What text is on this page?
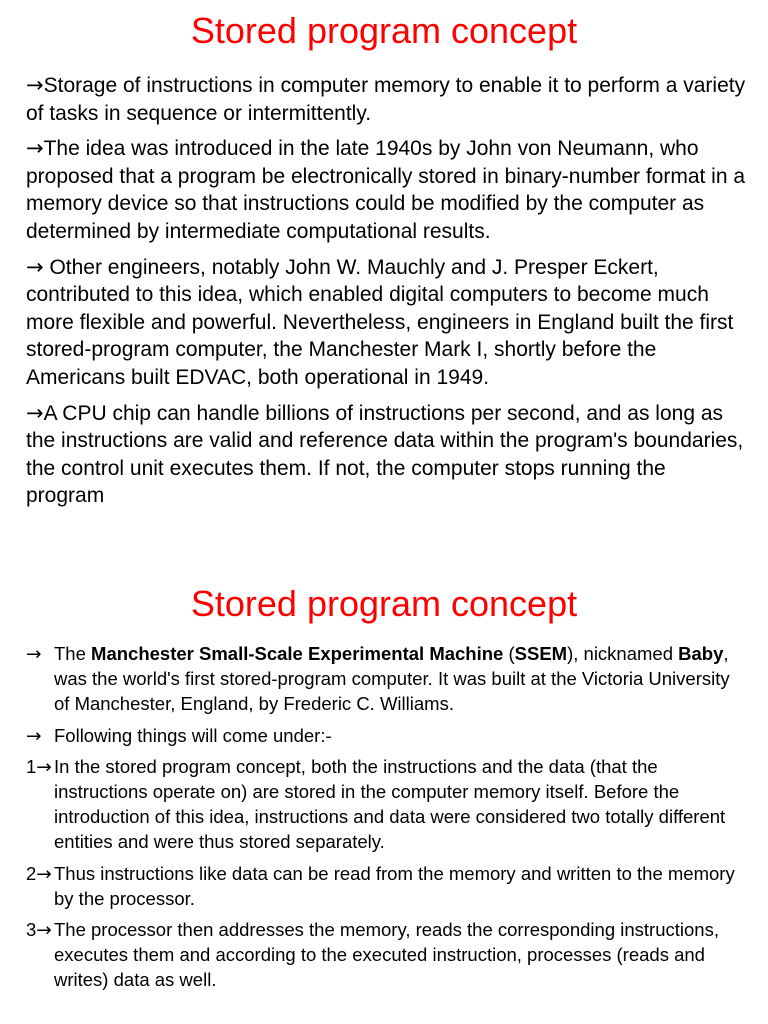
Stored program concept
→Storage of instructions in computer memory to enable it to perform a variety of tasks in sequence or intermittently.
→The idea was introduced in the late 1940s by John von Neumann, who proposed that a program be electronically stored in binary-number format in a memory device so that instructions could be modified by the computer as determined by intermediate computational results.
→ Other engineers, notably John W. Mauchly and J. Presper Eckert, contributed to this idea, which enabled digital computers to become much more flexible and powerful. Nevertheless, engineers in England built the first stored-program computer, the Manchester Mark I, shortly before the Americans built EDVAC, both operational in 1949.
→A CPU chip can handle billions of instructions per second, and as long as the instructions are valid and reference data within the program's boundaries, the control unit executes them. If not, the computer stops running the program
Stored program concept
→ The Manchester Small-Scale Experimental Machine (SSEM), nicknamed Baby, was the world's first stored-program computer. It was built at the Victoria University of Manchester, England, by Frederic C. Williams.
→ Following things will come under:-
1→ In the stored program concept, both the instructions and the data (that the instructions operate on) are stored in the computer memory itself. Before the introduction of this idea, instructions and data were considered two totally different entities and were thus stored separately.
2→ Thus instructions like data can be read from the memory and written to the memory by the processor.
3→ The processor then addresses the memory, reads the corresponding instructions, executes them and according to the executed instruction, processes (reads and writes) data as well.
